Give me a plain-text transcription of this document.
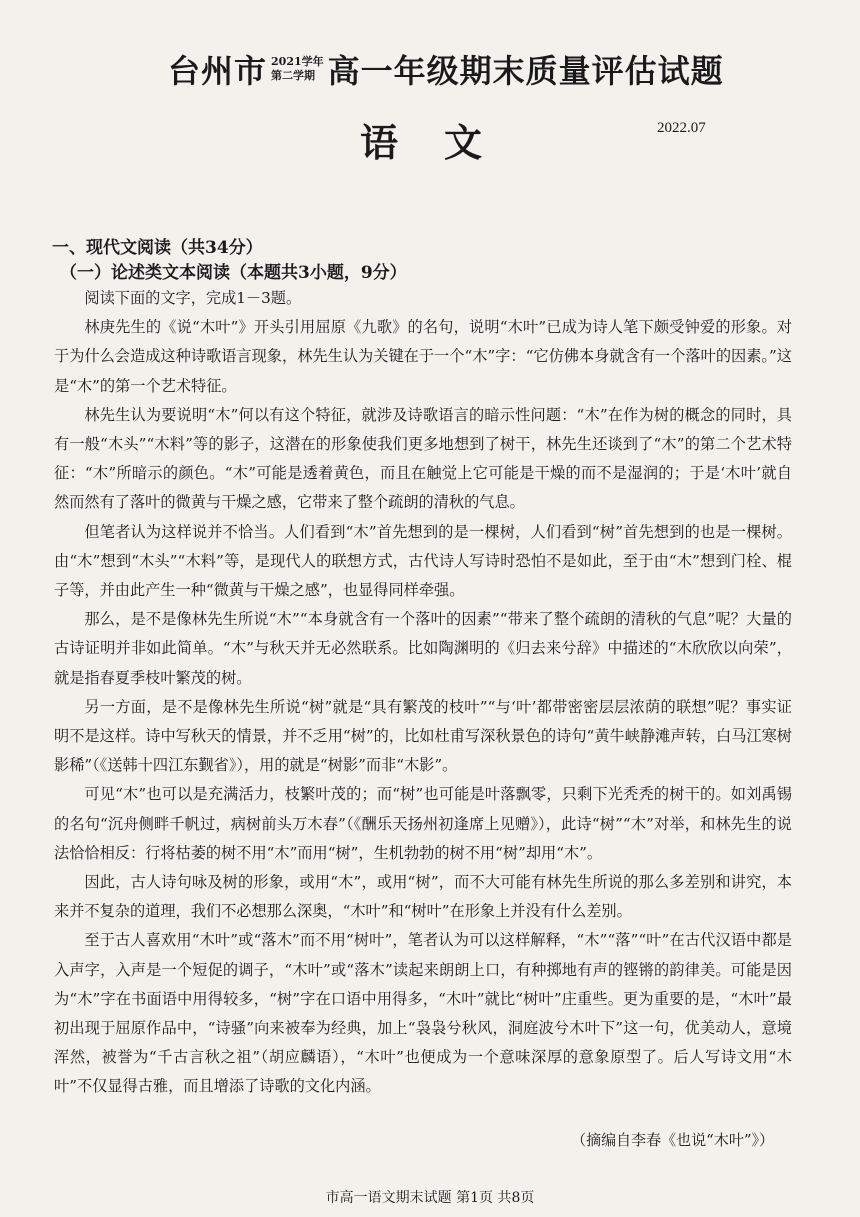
台州市 2021学年
第二学期 高一年级期末质量评估试题
语文	2022.07
一、现代文阅读（共34分）
（一）论述类文本阅读（本题共3小题，9分）

阅读下面的文字，完成1－3题。

林庚先生的《说“木叶”》开头引用屈原《九歌》的名句，说明“木叶”已成为诗人笔下颇受钟爱的形象。对于为什么会造成这种诗歌语言现象，林先生认为关键在于一个“木”字：“它仿佛本身就含有一个落叶的因素。”这是“木”的第一个艺术特征。

林先生认为要说明“木”何以有这个特征，就涉及诗歌语言的暗示性问题：“木”在作为树的概念的同时，具有一般“木头”“木料”等的影子，这潜在的形象使我们更多地想到了树干，林先生还谈到了“木”的第二个艺术特征：“木”所暗示的颜色。“木”可能是透着黄色，而且在触觉上它可能是干燥的而不是湿润的；于是‘木叶’就自然而然有了落叶的微黄与干燥之感，它带来了整个疏朗的清秋的气息。

但笔者认为这样说并不恰当。人们看到“木”首先想到的是一棵树，人们看到“树”首先想到的也是一棵树。由“木”想到“木头”“木料”等，是现代人的联想方式，古代诗人写诗时恐怕不是如此，至于由“木”想到门栓、棍子等，并由此产生一种“微黄与干燥之感”，也显得同样牵强。

那么，是不是像林先生所说“木”“本身就含有一个落叶的因素”“带来了整个疏朗的清秋的气息”呢？大量的古诗证明并非如此简单。“木”与秋天并无必然联系。比如陶渊明的《归去来兮辞》中描述的“木欣欣以向荣”，就是指春夏季枝叶繁茂的树。

另一方面，是不是像林先生所说“树”就是“具有繁茂的枝叶”“与‘叶’都带密密层层浓荫的联想”呢？事实证明不是这样。诗中写秋天的情景，并不乏用“树”的，比如杜甫写深秋景色的诗句“黄牛峡静滩声转，白马江寒树影稀”（《送韩十四江东觐省》），用的就是“树影”而非“木影”。

可见“木”也可以是充满活力，枝繁叶茂的；而“树”也可能是叶落飘零，只剩下光秃秃的树干的。如刘禹锡的名句“沉舟侧畔千帆过，病树前头万木春”（《酬乐天扬州初逢席上见赠》），此诗“树”“木”对举，和林先生的说法恰恰相反：行将枯萎的树不用“木”而用“树”，生机勃勃的树不用“树”却用“木”。

因此，古人诗句咏及树的形象，或用“木”，或用“树”，而不大可能有林先生所说的那么多差别和讲究，本来并不复杂的道理，我们不必想那么深奥，“木叶”和“树叶”在形象上并没有什么差别。

至于古人喜欢用“木叶”或“落木”而不用“树叶”，笔者认为可以这样解释，“木”“落”“叶”在古代汉语中都是入声字，入声是一个短促的调子，“木叶”或“落木”读起来朗朗上口，有种掷地有声的铿锵的韵律美。可能是因为“木”字在书面语中用得较多，“树”字在口语中用得多，“木叶”就比“树叶”庄重些。更为重要的是，“木叶”最初出现于屈原作品中，“诗骚”向来被奉为经典，加上“袅袅兮秋风，洞庭波兮木叶下”这一句，优美动人，意境浑然，被誉为“千古言秋之祖”（胡应麟语），“木叶”也便成为一个意味深厚的意象原型了。后人写诗文用“木叶”不仅显得古雅，而且增添了诗歌的文化内涵。

（摘编自李春《也说“木叶”》）
市高一语文期末试题 第1页 共8页
